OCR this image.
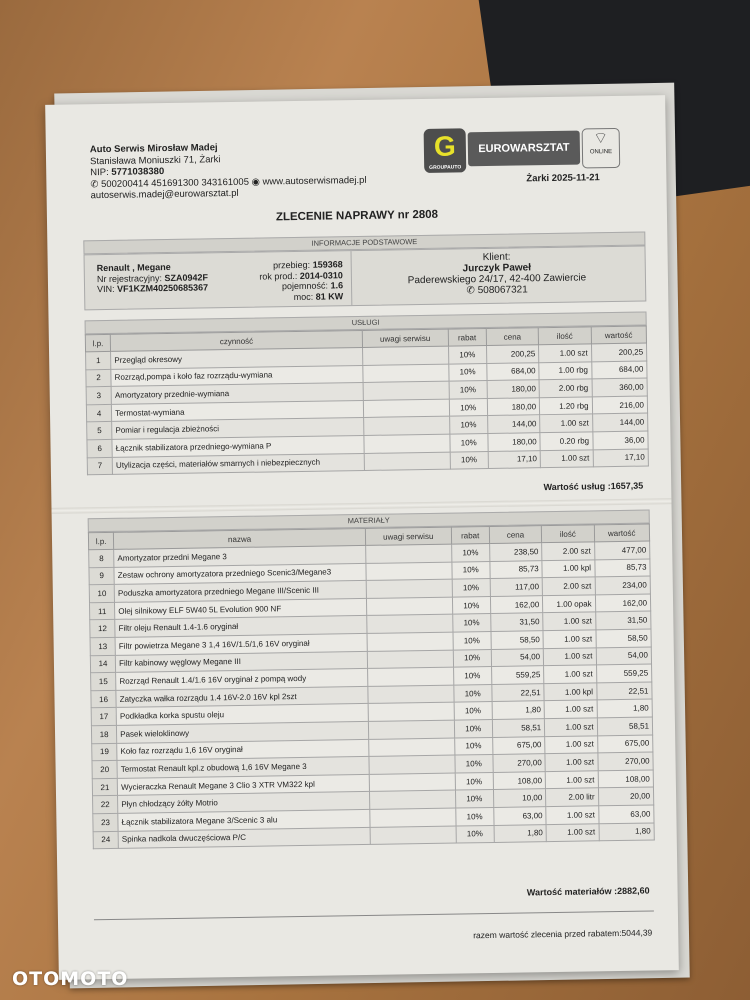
Auto Serwis Mirosław Madej
Stanisława Moniuszki 71, Żarki
NIP: 5771038380
✆ 500200414 451691300 343161005 ◉ www.autoserwismadej.pl
autoserwis.madej@eurowarsztat.pl
G
GROUPAUTO
EUROWARSZTAT
⌔
ONLINE
Żarki 2025-11-21
ZLECENIE NAPRAWY nr 2808
INFORMACJE PODSTAWOWE
Renault , Megane
Nr rejestracyjny: SZA0942F
VIN: VF1KZM40250685367
przebieg: 159368
rok prod.: 2014-0310
pojemność: 1.6
moc: 81 KW
Klient:
Jurczyk Paweł
Paderewskiego 24/17, 42-400 Zawiercie
✆ 508067321
USŁUGI
l.p.	czynność	uwagi serwisu	rabat	cena	ilość	wartość
1	Przegląd okresowy		10%	200,25	1.00 szt	200,25
2	Rozrząd,pompa i koło faz rozrządu-wymiana		10%	684,00	1.00 rbg	684,00
3	Amortyzatory przednie-wymiana		10%	180,00	2.00 rbg	360,00
4	Termostat-wymiana		10%	180,00	1.20 rbg	216,00
5	Pomiar i regulacja zbieżności		10%	144,00	1.00 szt	144,00
6	Łącznik stabilizatora przedniego-wymiana P		10%	180,00	0.20 rbg	36,00
7	Utylizacja części, materiałów smarnych i niebezpiecznych		10%	17,10	1.00 szt	17,10
Wartość usług :1657,35
MATERIAŁY
l.p.	nazwa	uwagi serwisu	rabat	cena	ilość	wartość
8	Amortyzator przedni Megane 3		10%	238,50	2.00 szt	477,00
9	Zestaw ochrony amortyzatora przedniego Scenic3/Megane3		10%	85,73	1.00 kpl	85,73
10	Poduszka amortyzatora przedniego Megane III/Scenic III		10%	117,00	2.00 szt	234,00
11	Olej silnikowy ELF 5W40 5L Evolution 900 NF		10%	162,00	1.00 opak	162,00
12	Filtr oleju Renault 1.4-1.6 oryginał		10%	31,50	1.00 szt	31,50
13	Filtr powietrza Megane 3 1,4 16V/1.5/1,6 16V oryginał		10%	58,50	1.00 szt	58,50
14	Filtr kabinowy węglowy Megane III		10%	54,00	1.00 szt	54,00
15	Rozrząd Renault 1.4/1.6 16V oryginał z pompą wody		10%	559,25	1.00 szt	559,25
16	Zatyczka wałka rozrządu 1.4 16V-2.0 16V kpl 2szt		10%	22,51	1.00 kpl	22,51
17	Podkładka korka spustu oleju		10%	1,80	1.00 szt	1,80
18	Pasek wieloklinowy		10%	58,51	1.00 szt	58,51
19	Koło faz rozrządu 1,6 16V oryginał		10%	675,00	1.00 szt	675,00
20	Termostat Renault kpl.z obudową 1,6 16V Megane 3		10%	270,00	1.00 szt	270,00
21	Wycieraczka Renault Megane 3 Clio 3 XTR VM322 kpl		10%	108,00	1.00 szt	108,00
22	Płyn chłodzący żółty Motrio		10%	10,00	2.00 litr	20,00
23	Łącznik stabilizatora Megane 3/Scenic 3 alu		10%	63,00	1.00 szt	63,00
24	Spinka nadkola dwuczęściowa P/C		10%	1,80	1.00 szt	1,80
Wartość materiałów :2882,60
razem wartość zlecenia przed rabatem:5044,39
OTOMOTO
